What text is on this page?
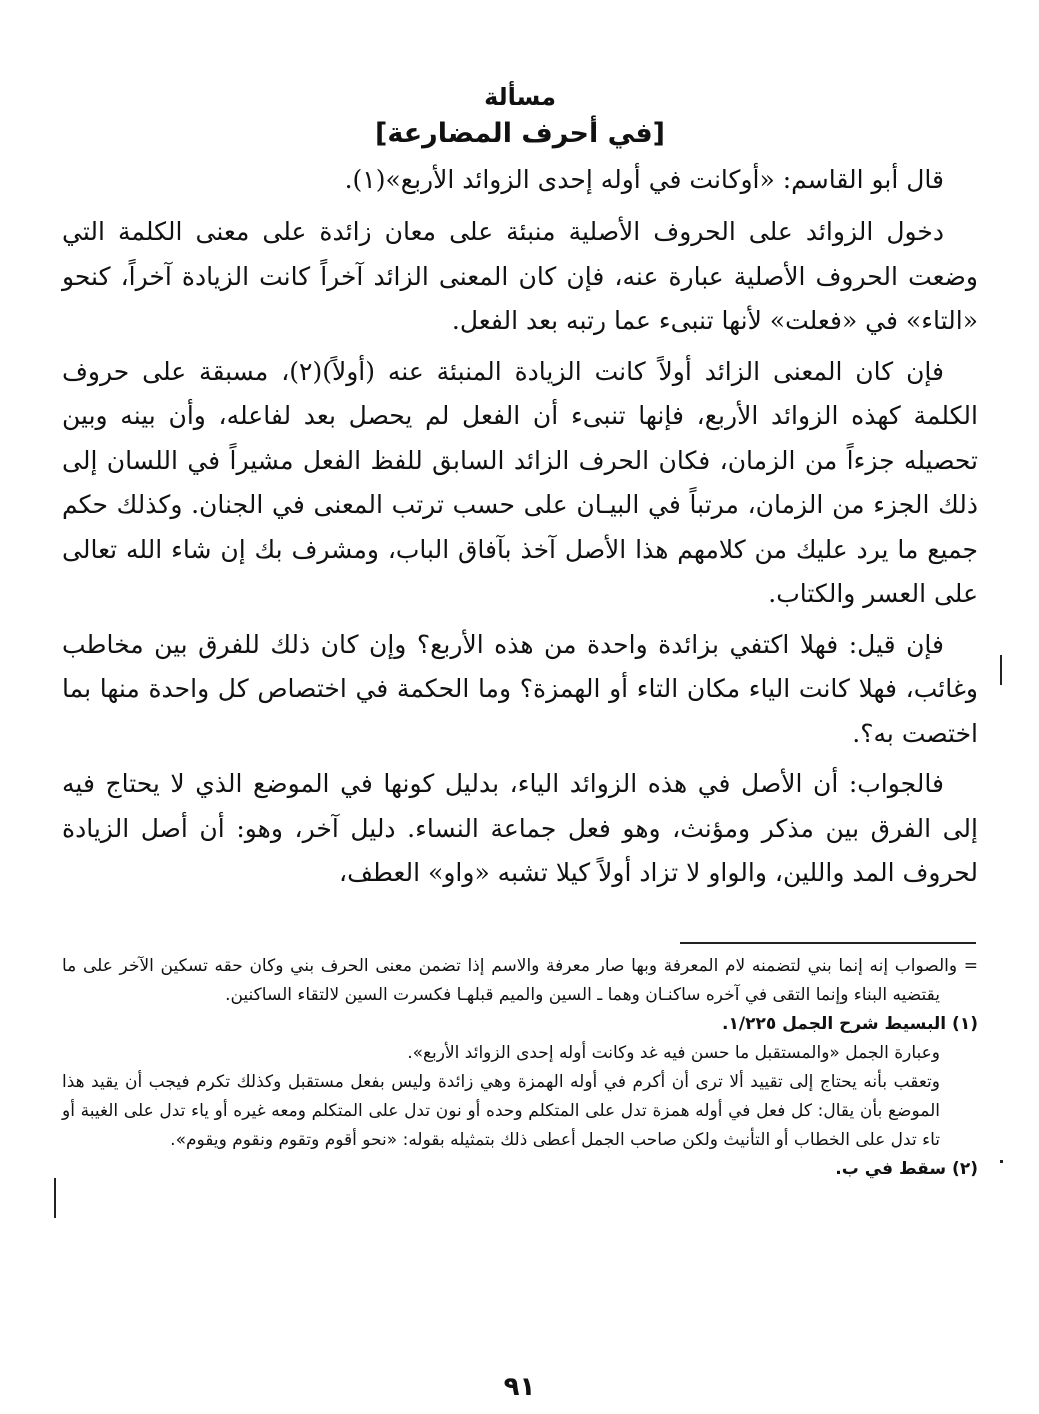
مسألة

[في أحرف المضارعة]

قال أبو القاسم: «أوكانت في أوله إحدى الزوائد الأربع»(١).

دخول الزوائد على الحروف الأصلية منبئة على معان زائدة على معنى الكلمة التي وضعت الحروف الأصلية عبارة عنه، فإن كان المعنى الزائد آخراً كانت الزيادة آخراً، كنحو «التاء» في «فعلت» لأنها تنبىء عما رتبه بعد الفعل.

فإن كان المعنى الزائد أولاً كانت الزيادة المنبئة عنه (أولاً)(٢)، مسبقة على حروف الكلمة كهذه الزوائد الأربع، فإنها تنبىء أن الفعل لم يحصل بعد لفاعله، وأن بينه وبين تحصيله جزءاً من الزمان، فكان الحرف الزائد السابق للفظ الفعل مشيراً في اللسان إلى ذلك الجزء من الزمان، مرتباً في البيـان على حسب ترتب المعنى في الجنان. وكذلك حكم جميع ما يرد عليك من كلامهم هذا الأصل آخذ بآفاق الباب، ومشرف بك إن شاء الله تعالى على العسر والكتاب.

فإن قيل: فهلا اكتفي بزائدة واحدة من هذه الأربع؟ وإن كان ذلك للفرق بين مخاطب وغائب، فهلا كانت الياء مكان التاء أو الهمزة؟ وما الحكمة في اختصاص كل واحدة منها بما اختصت به؟.

فالجواب: أن الأصل في هذه الزوائد الياء، بدليل كونها في الموضع الذي لا يحتاج فيه إلى الفرق بين مذكر ومؤنث، وهو فعل جماعة النساء. دليل آخر، وهو: أن أصل الزيادة لحروف المد واللين، والواو لا تزاد أولاً كيلا تشبه «واو» العطف،

= والصواب إنه إنما بني لتضمنه لام المعرفة وبها صار معرفة والاسم إذا تضمن معنى الحرف بني وكان حقه تسكين الآخر على ما يقتضيه البناء وإنما التقى في آخره ساكنـان وهما ـ السين والميم قبلهـا فكسرت السين لالتقاء الساكنين.

(١) البسيط شرح الجمل ١/٢٢٥.

وعبارة الجمل «والمستقبل ما حسن فيه غد وكانت أوله إحدى الزوائد الأربع».

وتعقب بأنه يحتاج إلى تقييد ألا ترى أن أكرم في أوله الهمزة وهي زائدة وليس بفعل مستقبل وكذلك تكرم فيجب أن يقيد هذا الموضع بأن يقال: كل فعل في أوله همزة تدل على المتكلم وحده أو نون تدل على المتكلم ومعه غيره أو ياء تدل على الغيبة أو تاء تدل على الخطاب أو التأنيث ولكن صاحب الجمل أعطى ذلك بتمثيله بقوله: «نحو أقوم وتقوم ونقوم ويقوم».

(٢) سقط في ب.

٩١
